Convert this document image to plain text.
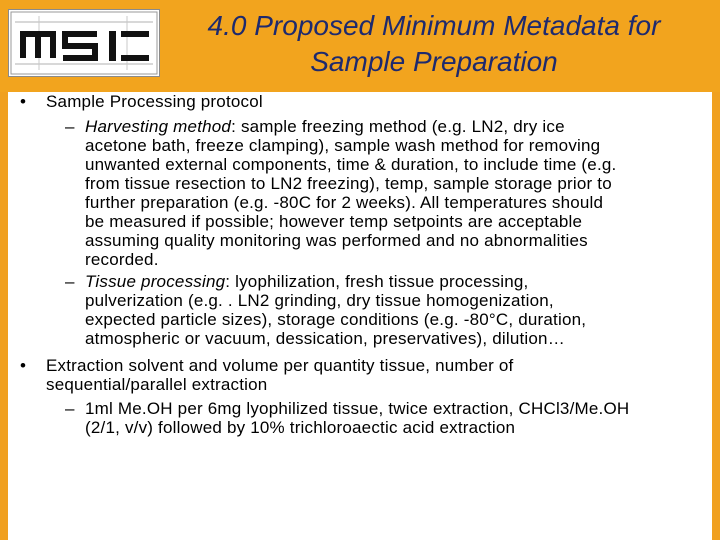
4.0 Proposed Minimum Metadata for
Sample Preparation
•	Sample Processing protocol
– Harvesting method: sample freezing method (e.g. LN2, dry ice
acetone bath, freeze clamping), sample wash method for removing
unwanted external components, time & duration, to include time (e.g.
from tissue resection to LN2 freezing), temp, sample storage prior to
further preparation (e.g. -80C for 2 weeks). All temperatures should
be measured if possible; however temp setpoints are acceptable
assuming quality monitoring was performed and no abnormalities
recorded.
– Tissue processing: lyophilization, fresh tissue processing,
pulverization (e.g. . LN2 grinding, dry tissue homogenization,
expected particle sizes), storage conditions (e.g. -80°C, duration,
atmospheric or vacuum, dessication, preservatives), dilution…
•	Extraction solvent and volume per quantity tissue, number of
sequential/parallel extraction
– 1ml Me.OH per 6mg lyophilized tissue, twice extraction, CHCl3/Me.OH
(2/1, v/v) followed by 10% trichloroaectic acid extraction
